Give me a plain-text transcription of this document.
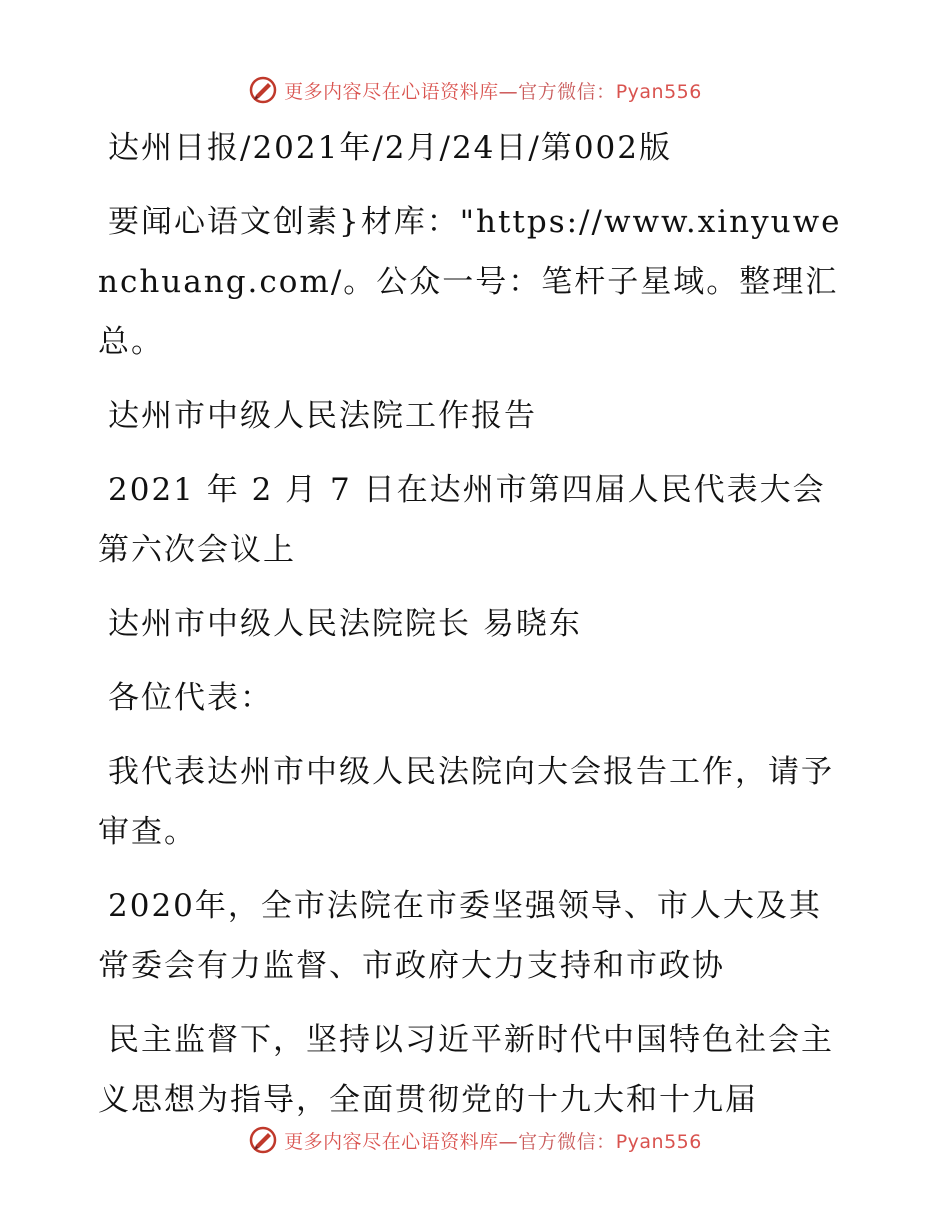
更多内容尽在心语资料库—官方微信：Pyan556

达州日报/2021年/2月/24日/第002版

要闻心语文创素}材库："https://www.xinyuwenchuang.com/。公众一号：笔杆子星域。整理汇总。

达州市中级人民法院工作报告

2021 年 2 月 7 日在达州市第四届人民代表大会第六次会议上

达州市中级人民法院院长 易晓东

各位代表：

我代表达州市中级人民法院向大会报告工作，请予审查。

2020年，全市法院在市委坚强领导、市人大及其常委会有力监督、市政府大力支持和市政协

民主监督下，坚持以习近平新时代中国特色社会主义思想为指导，全面贯彻党的十九大和十九届

更多内容尽在心语资料库—官方微信：Pyan556
